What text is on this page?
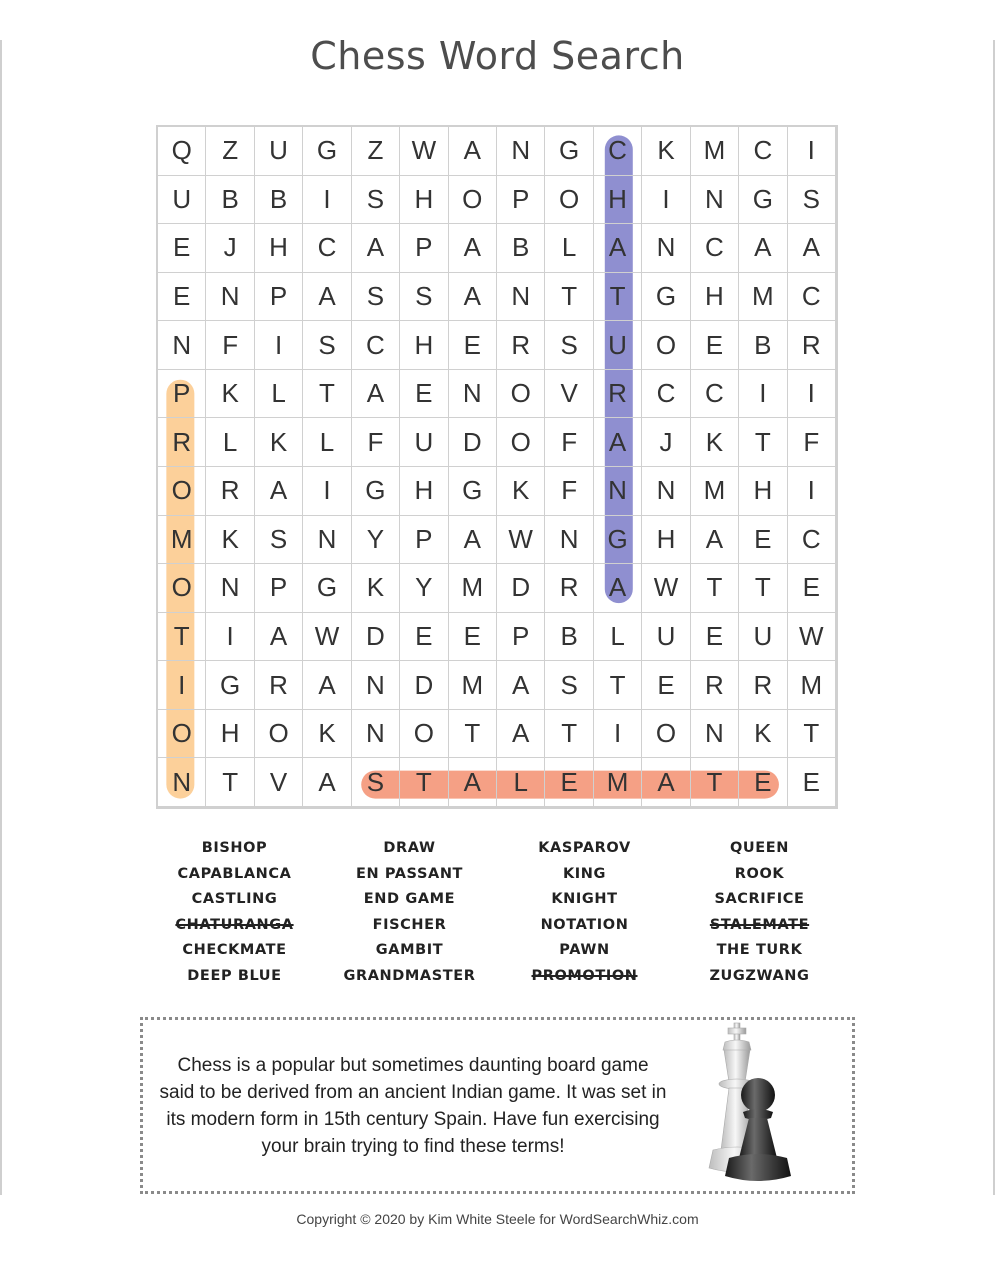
Chess Word Search
Q	Z	U	G	Z	W	A	N	G	C	K	M	C	I
U	B	B	I	S	H	O	P	O	H	I	N	G	S
E	J	H	C	A	P	A	B	L	A	N	C	A	A
E	N	P	A	S	S	A	N	T	T	G	H	M	C
N	F	I	S	C	H	E	R	S	U	O	E	B	R
P	K	L	T	A	E	N	O	V	R	C	C	I	I
R	L	K	L	F	U	D	O	F	A	J	K	T	F
O	R	A	I	G	H	G	K	F	N	N	M	H	I
M	K	S	N	Y	P	A	W	N	G	H	A	E	C
O	N	P	G	K	Y	M	D	R	A	W	T	T	E
T	I	A	W	D	E	E	P	B	L	U	E	U	W
I	G	R	A	N	D	M	A	S	T	E	R	R	M
O	H	O	K	N	O	T	A	T	I	O	N	K	T
N	T	V	A	S	T	A	L	E	M	A	T	E	E
BISHOP
CAPABLANCA
CASTLING
CHATURANGA
CHECKMATE
DEEP BLUE
DRAW
EN PASSANT
END GAME
FISCHER
GAMBIT
GRANDMASTER
KASPAROV
KING
KNIGHT
NOTATION
PAWN
PROMOTION
QUEEN
ROOK
SACRIFICE
STALEMATE
THE TURK
ZUGZWANG
Chess is a popular but sometimes daunting board game said to be derived from an ancient Indian game. It was set in its modern form in 15th century Spain. Have fun exercising your brain trying to find these terms!
Copyright © 2020 by Kim White Steele for WordSearchWhiz.com
